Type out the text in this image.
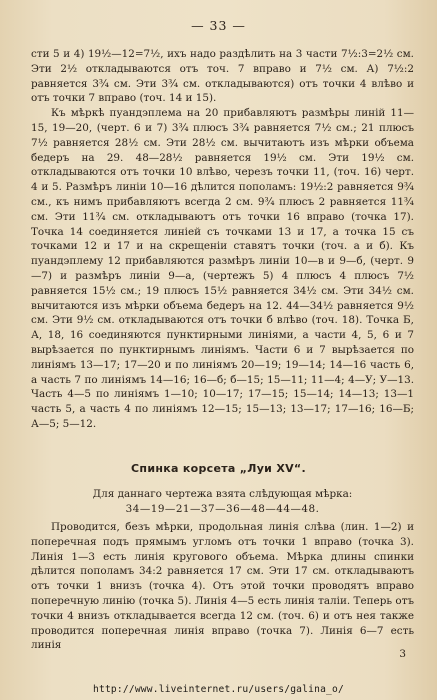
— 33 —

сти 5 и 4) 19½—12=7½, ихъ надо раздѣлить на 3 части 7½:3=2½ см. Эти 2½ откладываются отъ точ. 7 вправо и 7½ см. А) 7½:2 равняется 3¾ см. Эти 3¾ см. откладываются) отъ точки 4 влѣво и отъ точки 7 вправо (точ. 14 и 15).

Къ мѣркѣ пуандэплема на 20 прибавляютъ размѣры линій 11—15, 19—20, (черт. 6 и 7) 3¾ плюсъ 3¾ равняется 7½ см.; 21 плюсъ 7½ равняется 28½ см. Эти 28½ см. вычитаютъ изъ мѣрки объема бедеръ на 29. 48—28½ равняется 19½ см. Эти 19½ см. откладываются отъ точки 10 влѣво, черезъ точки 11, (точ. 16) черт. 4 и 5. Размѣръ линіи 10—16 дѣлится пополамъ: 19½:2 равняется 9¾ см., къ нимъ прибавляютъ всегда 2 см. 9¾ плюсъ 2 равняется 11¾ см. Эти 11¾ см. откладываютъ отъ точки 16 вправо (точка 17). Точка 14 соединяется линіей съ точками 13 и 17, а точка 15 съ точками 12 и 17 и на скрещеніи ставятъ точки (точ. а и б). Къ пуандэплему 12 прибавляются размѣръ линіи 10—в и 9—б, (черт. 9—7) и размѣръ линіи 9—а, (чертежъ 5) 4 плюсъ 4 плюсъ 7½ равняется 15½ см.; 19 плюсъ 15½ равняется 34½ см. Эти 34½ см. вычитаются изъ мѣрки объема бедеръ на 12. 44—34½ равняется 9½ см. Эти 9½ см. откладываются отъ точки б влѣво (точ. 18). Точка Б, А, 18, 16 соединяются пунктирными линіями, а части 4, 5, 6 и 7 вырѣзается по пунктирнымъ линіямъ. Части 6 и 7 вырѣзается по линіямъ 13—17; 17—20 и по линіямъ 20—19; 19—14; 14—16 часть 6, а часть 7 по линіямъ 14—16; 16—б; б—15; 15—11; 11—4; 4—У; У—13. Часть 4—5 по линіямъ 1—10; 10—17; 17—15; 15—14; 14—13; 13—1 часть 5, а часть 4 по линіямъ 12—15; 15—13; 13—17; 17—16; 16—Б; А—5; 5—12.

Спинка корсета „Луи XV“.
Для даннаго чертежа взята слѣдующая мѣрка:
34—19—21—37—36—48—44—48.

Проводится, безъ мѣрки, продольная линія слѣва (лин. 1—2) и поперечная подъ прямымъ угломъ отъ точки 1 вправо (точка 3). Линія 1—3 есть линія кругового объема. Мѣрка длины спинки дѣлится пополамъ 34:2 равняется 17 см. Эти 17 см. откладываютъ отъ точки 1 внизъ (точка 4). Отъ этой точки проводятъ вправо поперечную линію (точка 5). Линія 4—5 есть линія таліи. Теперь отъ точки 4 внизъ откладывается всегда 12 см. (точ. 6) и отъ нея также проводится поперечная линія вправо (точка 7). Линія 6—7 есть линія

3
http://www.liveinternet.ru/users/galina_o/
